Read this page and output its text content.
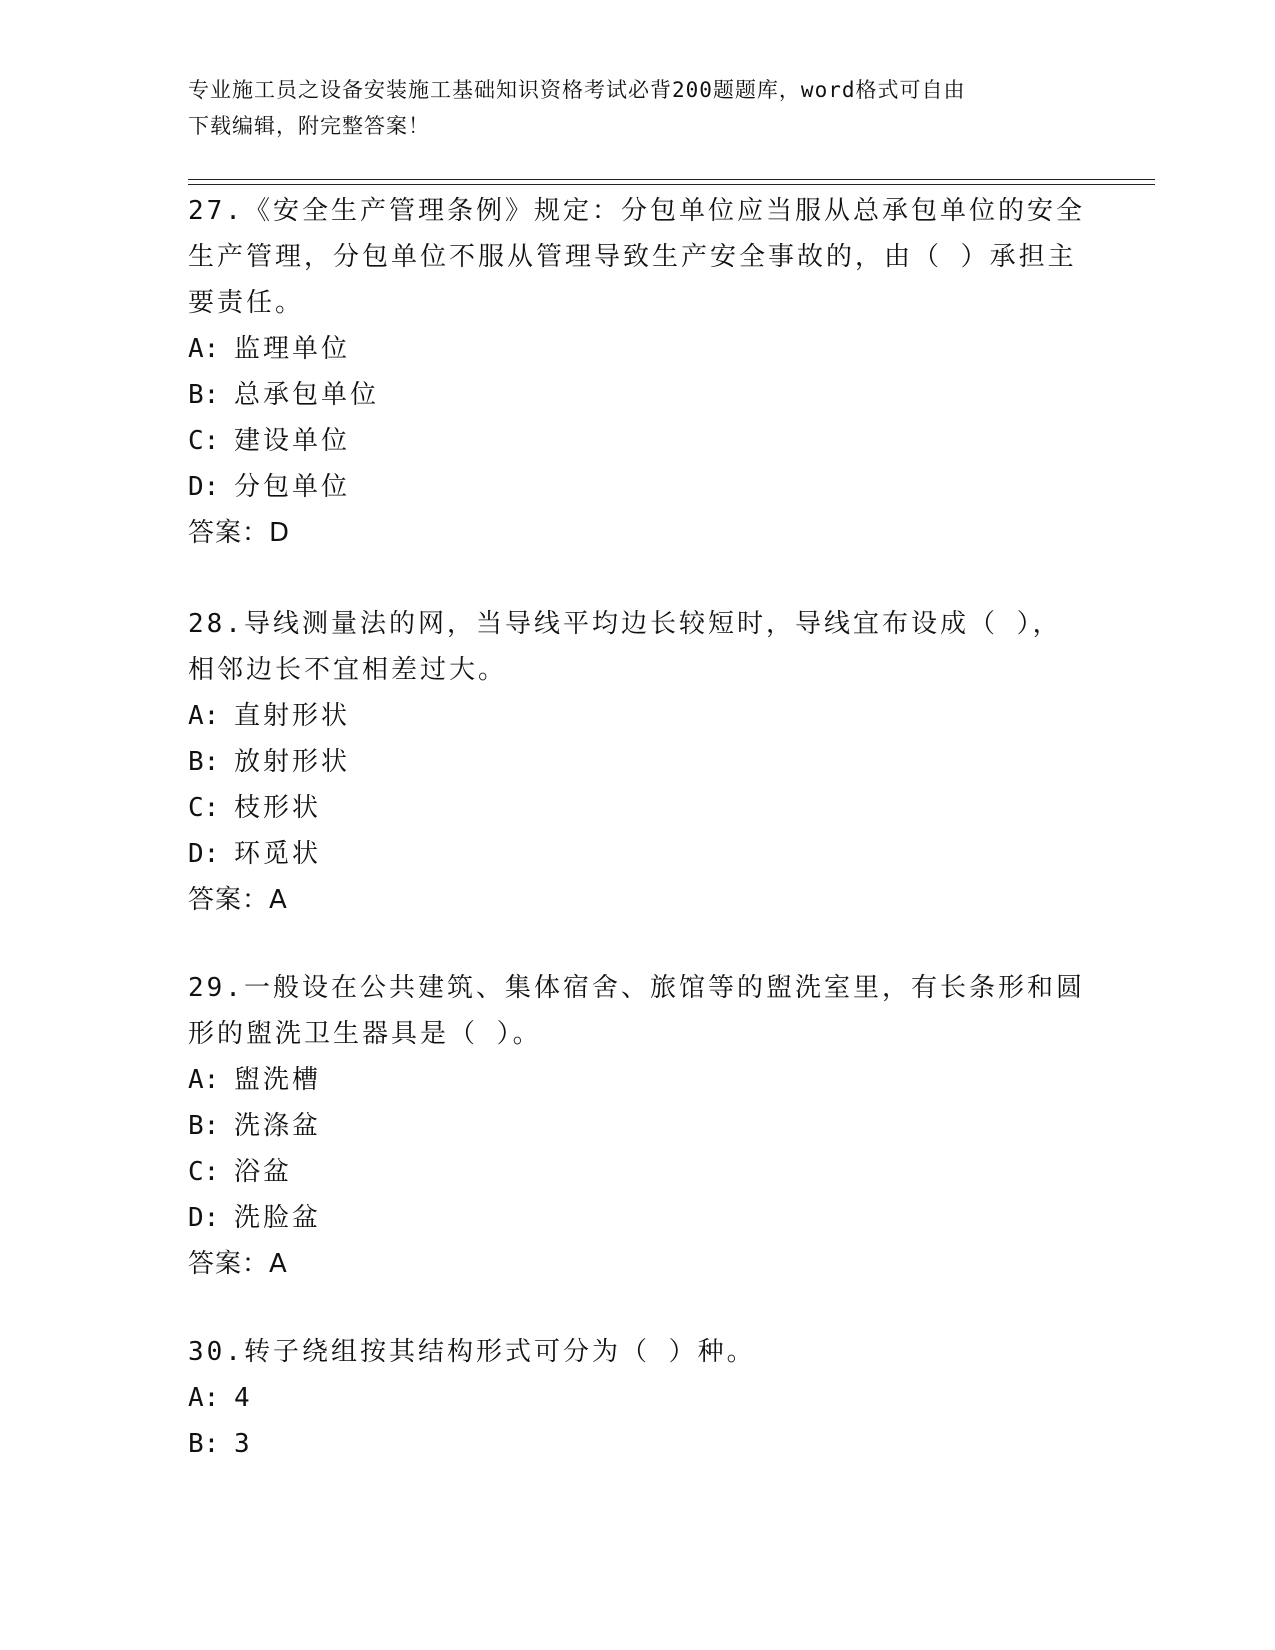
专业施工员之设备安装施工基础知识资格考试必背200题题库，word格式可自由
下载编辑，附完整答案！
27.《安全生产管理条例》规定：分包单位应当服从总承包单位的安全
生产管理，分包单位不服从管理导致生产安全事故的，由（ ）承担主
要责任。
A: 监理单位
B: 总承包单位
C: 建设单位
D: 分包单位
答案：D
28.导线测量法的网，当导线平均边长较短时，导线宜布设成（ ），
相邻边长不宜相差过大。
A: 直射形状
B: 放射形状
C: 枝形状
D: 环觅状
答案：A
29.一般设在公共建筑、集体宿舍、旅馆等的盥洗室里，有长条形和圆
形的盥洗卫生器具是（ ）。
A: 盥洗槽
B: 洗涤盆
C: 浴盆
D: 洗脸盆
答案：A
30.转子绕组按其结构形式可分为（ ）种。
A: 4
B: 3
